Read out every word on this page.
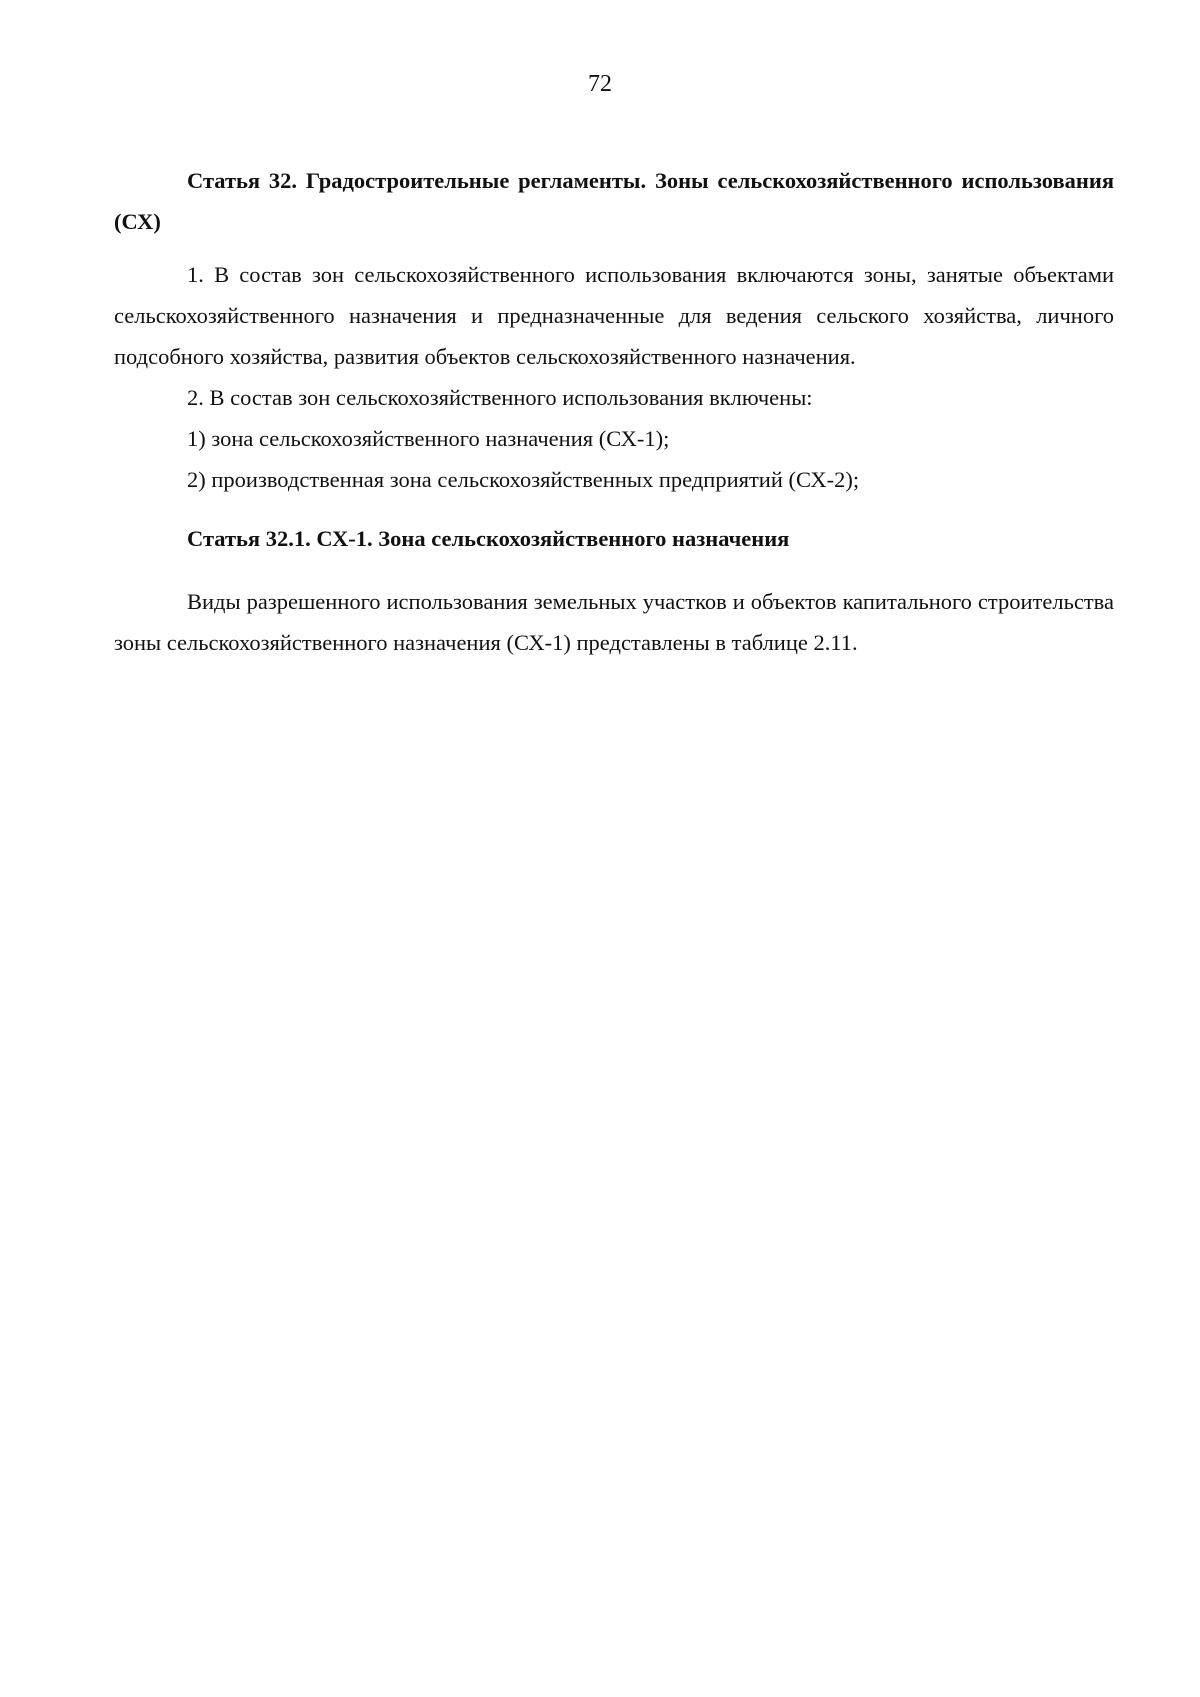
72

Статья 32. Градостроительные регламенты. Зоны сельскохозяйственного использования (СХ)

1. В состав зон сельскохозяйственного использования включаются зоны, занятые объектами сельскохозяйственного назначения и предназначенные для ведения сельского хозяйства, личного подсобного хозяйства, развития объектов сельскохозяйственного назначения.

2. В состав зон сельскохозяйственного использования включены:

1) зона сельскохозяйственного назначения (СХ-1);

2) производственная зона сельскохозяйственных предприятий (СХ-2);

Статья 32.1. СХ-1. Зона сельскохозяйственного назначения

Виды разрешенного использования земельных участков и объектов капитального строительства зоны сельскохозяйственного назначения (СХ-1) представлены в таблице 2.11.
